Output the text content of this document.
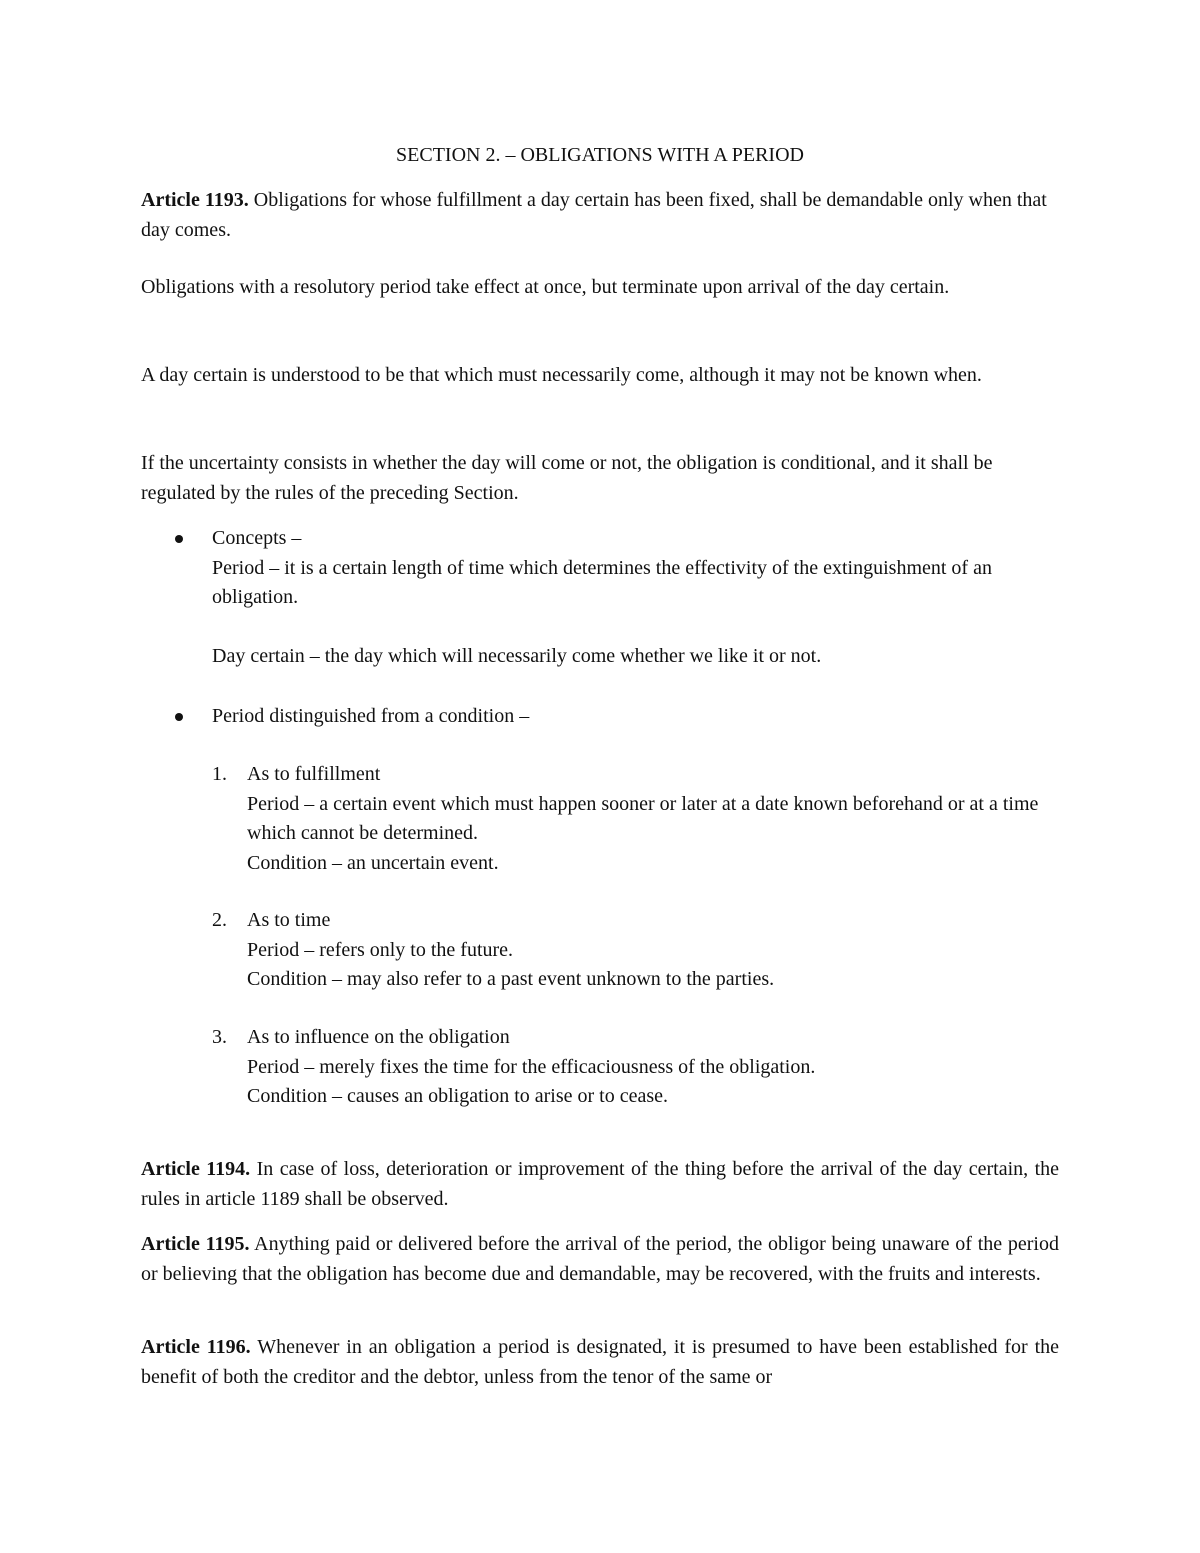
SECTION 2. – OBLIGATIONS WITH A PERIOD

Article 1193. Obligations for whose fulfillment a day certain has been fixed, shall be demandable only when that day comes.

Obligations with a resolutory period take effect at once, but terminate upon arrival of the day certain.

A day certain is understood to be that which must necessarily come, although it may not be known when.

If the uncertainty consists in whether the day will come or not, the obligation is conditional, and it shall be regulated by the rules of the preceding Section.

Concepts –
Period – it is a certain length of time which determines the effectivity of the extinguishment of an obligation.
Day certain – the day which will necessarily come whether we like it or not.
Period distinguished from a condition –
1. As to fulfillment
Period – a certain event which must happen sooner or later at a date known beforehand or at a time which cannot be determined.
Condition – an uncertain event.
2. As to time
Period – refers only to the future.
Condition – may also refer to a past event unknown to the parties.
3. As to influence on the obligation
Period – merely fixes the time for the efficaciousness of the obligation.
Condition – causes an obligation to arise or to cease.

Article 1194. In case of loss, deterioration or improvement of the thing before the arrival of the day certain, the rules in article 1189 shall be observed.

Article 1195. Anything paid or delivered before the arrival of the period, the obligor being unaware of the period or believing that the obligation has become due and demandable, may be recovered, with the fruits and interests.

Article 1196. Whenever in an obligation a period is designated, it is presumed to have been established for the benefit of both the creditor and the debtor, unless from the tenor of the same or
